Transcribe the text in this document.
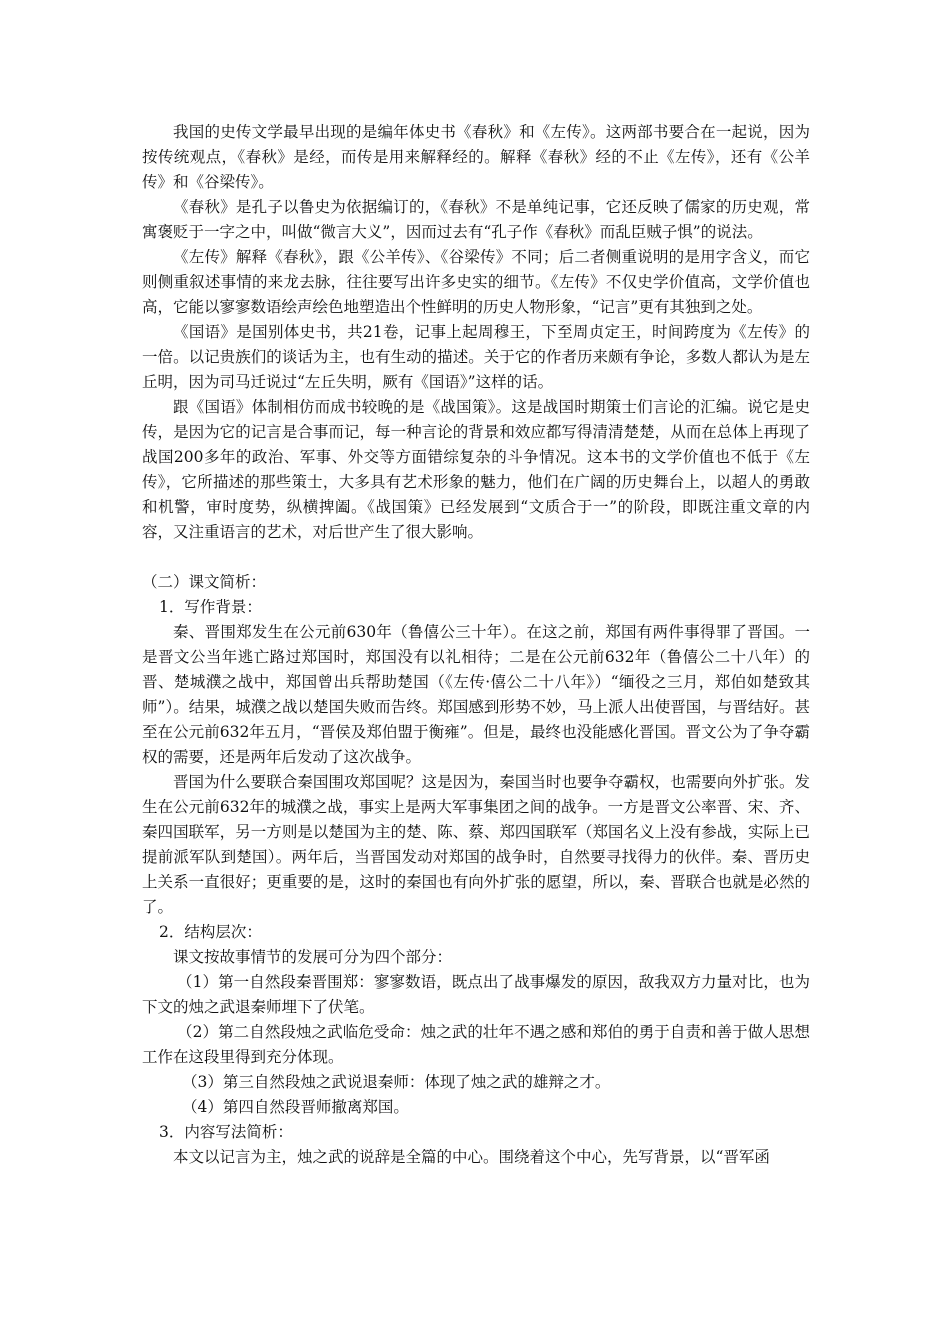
我国的史传文学最早出现的是编年体史书《春秋》和《左传》。这两部书要合在一起说，因为按传统观点，《春秋》是经，而传是用来解释经的。解释《春秋》经的不止《左传》，还有《公羊传》和《谷梁传》。

《春秋》是孔子以鲁史为依据编订的，《春秋》不是单纯记事，它还反映了儒家的历史观，常寓褒贬于一字之中，叫做“微言大义”，因而过去有“孔子作《春秋》而乱臣贼子惧”的说法。

《左传》解释《春秋》，跟《公羊传》、《谷梁传》不同；后二者侧重说明的是用字含义，而它则侧重叙述事情的来龙去脉，往往要写出许多史实的细节。《左传》不仅史学价值高，文学价值也高，它能以寥寥数语绘声绘色地塑造出个性鲜明的历史人物形象，“记言”更有其独到之处。

《国语》是国别体史书，共21卷，记事上起周穆王，下至周贞定王，时间跨度为《左传》的一倍。以记贵族们的谈话为主，也有生动的描述。关于它的作者历来颇有争论，多数人都认为是左丘明，因为司马迁说过“左丘失明，厥有《国语》”这样的话。

跟《国语》体制相仿而成书较晚的是《战国策》。这是战国时期策士们言论的汇编。说它是史传，是因为它的记言是合事而记，每一种言论的背景和效应都写得清清楚楚，从而在总体上再现了战国200多年的政治、军事、外交等方面错综复杂的斗争情况。这本书的文学价值也不低于《左传》，它所描述的那些策士，大多具有艺术形象的魅力，他们在广阔的历史舞台上，以超人的勇敢和机警，审时度势，纵横捭阖。《战国策》已经发展到“文质合于一”的阶段，即既注重文章的内容，又注重语言的艺术，对后世产生了很大影响。

（二）课文简析：

1．写作背景：

秦、晋围郑发生在公元前630年（鲁僖公三十年）。在这之前，郑国有两件事得罪了晋国。一是晋文公当年逃亡路过郑国时，郑国没有以礼相待；二是在公元前632年（鲁僖公二十八年）的晋、楚城濮之战中，郑国曾出兵帮助楚国（《左传·僖公二十八年》）“缅役之三月，郑伯如楚致其师”）。结果，城濮之战以楚国失败而告终。郑国感到形势不妙，马上派人出使晋国，与晋结好。甚至在公元前632年五月，“晋侯及郑伯盟于衡雍”。但是，最终也没能感化晋国。晋文公为了争夺霸权的需要，还是两年后发动了这次战争。

晋国为什么要联合秦国围攻郑国呢？这是因为，秦国当时也要争夺霸权，也需要向外扩张。发生在公元前632年的城濮之战，事实上是两大军事集团之间的战争。一方是晋文公率晋、宋、齐、秦四国联军，另一方则是以楚国为主的楚、陈、蔡、郑四国联军（郑国名义上没有参战，实际上已提前派军队到楚国）。两年后，当晋国发动对郑国的战争时，自然要寻找得力的伙伴。秦、晋历史上关系一直很好；更重要的是，这时的秦国也有向外扩张的愿望，所以，秦、晋联合也就是必然的了。

2．结构层次：

课文按故事情节的发展可分为四个部分：

（1）第一自然段秦晋围郑：寥寥数语，既点出了战事爆发的原因，敌我双方力量对比，也为下文的烛之武退秦师埋下了伏笔。

（2）第二自然段烛之武临危受命：烛之武的壮年不遇之感和郑伯的勇于自责和善于做人思想工作在这段里得到充分体现。

（3）第三自然段烛之武说退秦师：体现了烛之武的雄辩之才。

（4）第四自然段晋师撤离郑国。

3．内容写法简析：

本文以记言为主，烛之武的说辞是全篇的中心。围绕着这个中心，先写背景，以“晋军函
